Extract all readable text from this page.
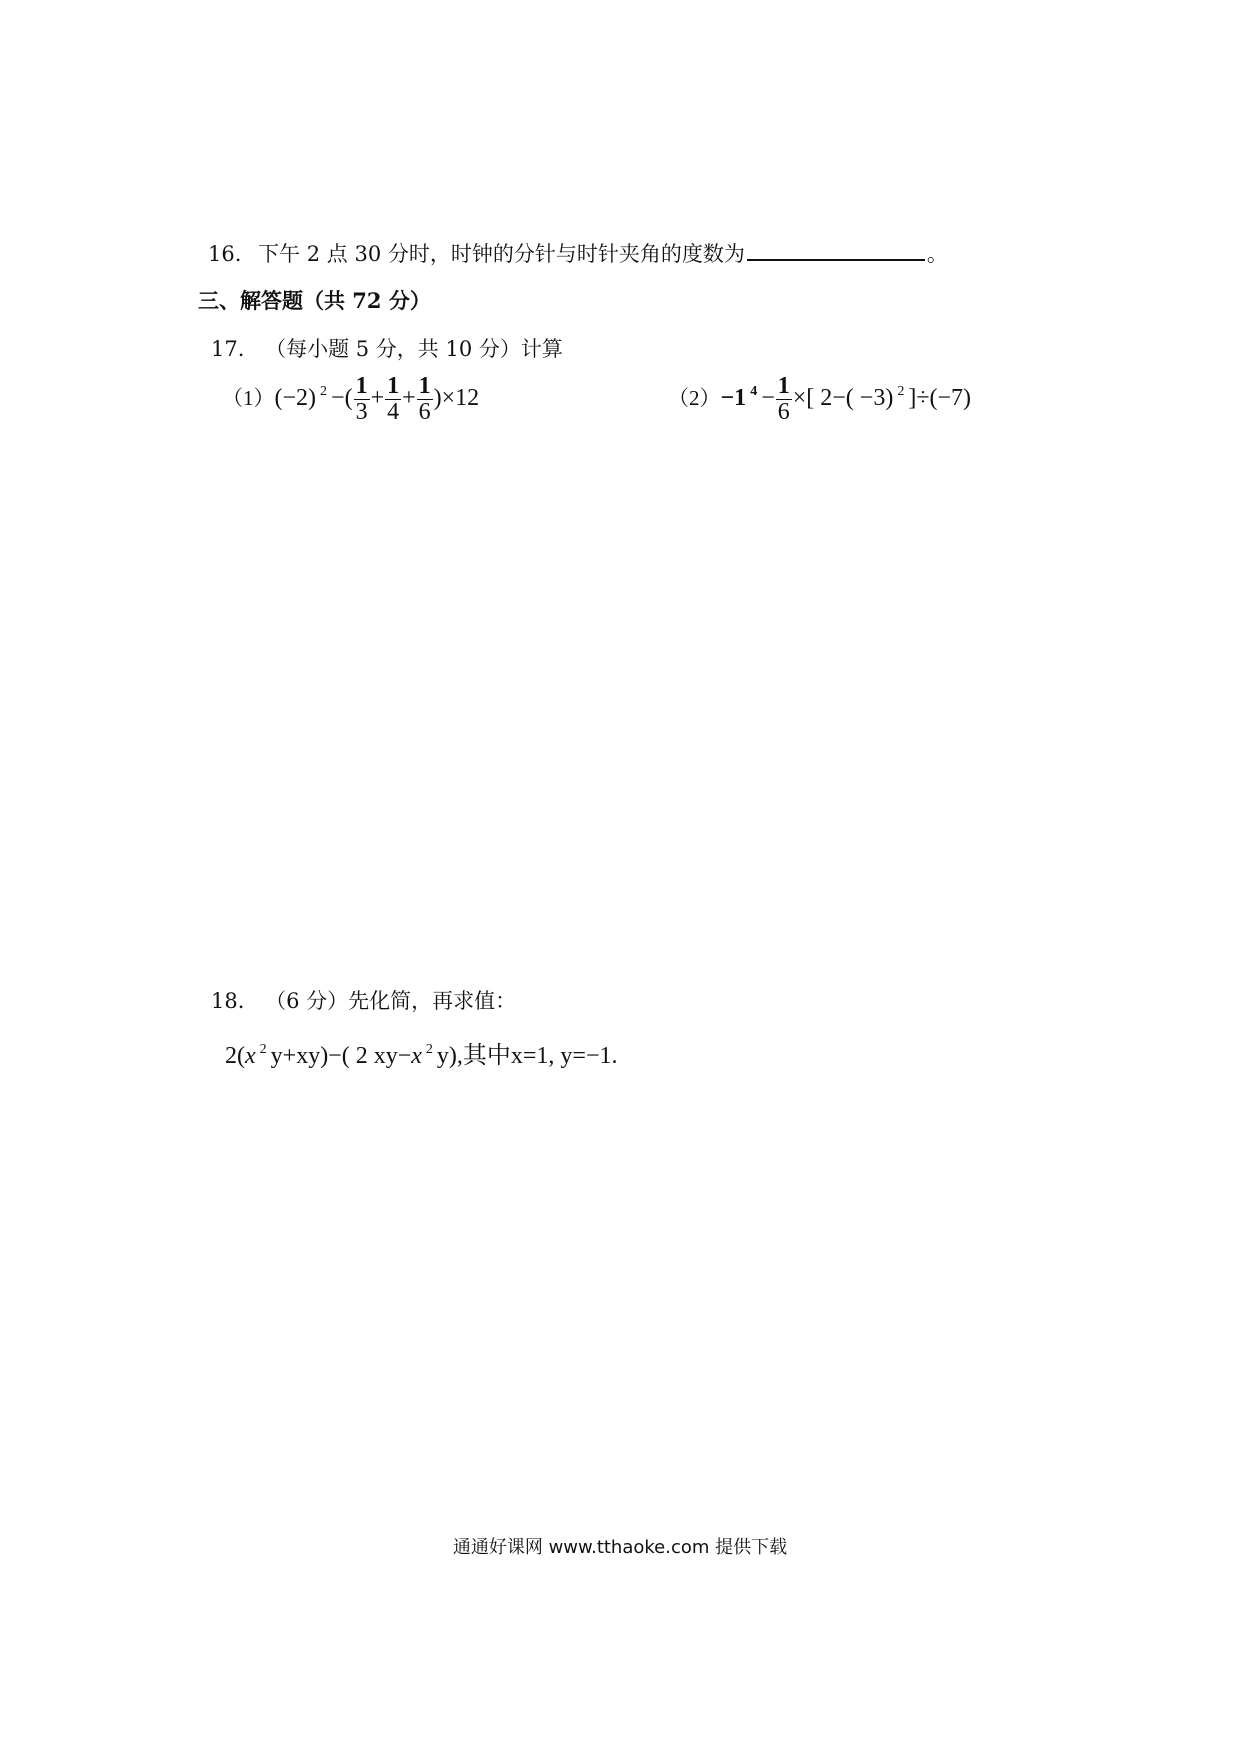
16. 下午 2 点 30 分时，时钟的分针与时针夹角的度数为	。
三、解答题（共 72 分）
17. （每小题 5 分，共 10 分）计算
（1）(−2) $^2$ −( $\frac{1}{3} + \frac{1}{4} + \frac{1}{6} )\times 12$	（2）−1 $^4 - \frac{1}{6}$ ×[ 2−( −3) $^2$ ]÷(−7)
18. （6 分）先化简，再求值：
2(x $^2$ y+xy)−( 2 xy−x $^2$ y),其中x=1, y=−1.
通通好课网 www.tthaoke.com 提供下载
